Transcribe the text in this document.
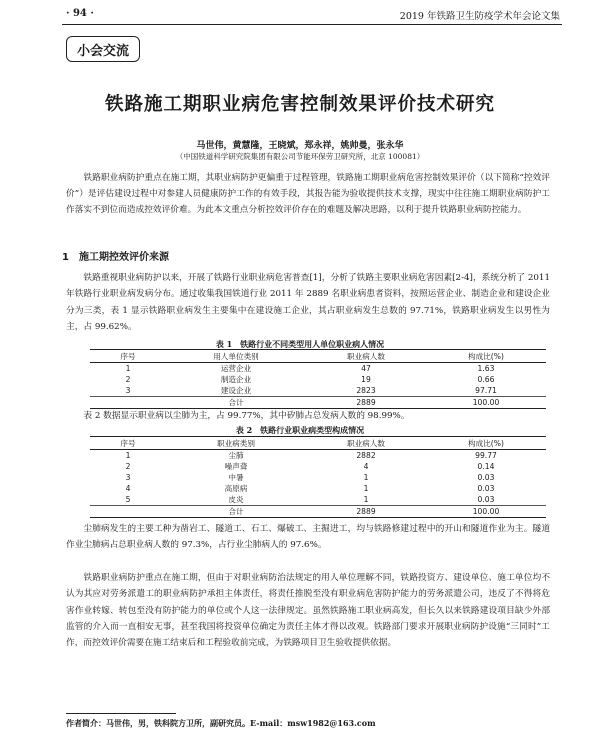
· 94 ·	2019 年铁路卫生防疫学术年会论文集
小会交流
铁路施工期职业病危害控制效果评价技术研究
马世伟，黄慧隆，王晓斌，郑永祥，姚帅曼，张永华
（中国铁道科学研究院集团有限公司节能环保劳卫研究所，北京 100081）
铁路职业病防护重点在施工期，其职业病防护更偏重于过程管理，铁路施工期职业病危害控制效果评价（以下简称“控效评价”）是评估建设过程中对参建人员健康防护工作的有效手段，其报告能为验收提供技术支撑，现实中往往施工期职业病防护工作落实不到位而造成控效评价难。为此本文重点分析控效评价存在的难题及解决思路，以利于提升铁路职业病防控能力。
1 施工期控效评价来源
铁路重视职业病防护以来，开展了铁路行业职业病危害普查[1]，分析了铁路主要职业病危害因素[2-4]，系统分析了 2011 年铁路行业职业病发病分布。通过收集我国铁道行业 2011 年 2889 名职业病患者资料，按照运营企业、制造企业和建设企业分为三类，表 1 显示铁路职业病发生主要集中在建设施工企业，其占职业病发生总数的 97.71%，铁路职业病发生以男性为主，占 99.62%。
表 1　铁路行业不同类型用人单位职业病人情况
序号	用人单位类别	职业病人数	构成比(%)
1	运营企业	47	1.63
2	制造企业	19	0.66
3	建设企业	2823	97.71
	合计	2889	100.00
表 2 数据显示职业病以尘肺为主，占 99.77%，其中矽肺占总发病人数的 98.99%。
表 2　铁路行业职业病类型构成情况
序号	职业病类别	职业病人数	构成比(%)
1	尘肺	2882	99.77
2	噪声聋	4	0.14
3	中暑	1	0.03
4	高原病	1	0.03
5	皮炎	1	0.03
	合计	2889	100.00
尘肺病发生的主要工种为凿岩工、隧道工、石工、爆破工、主掘进工，均与铁路修建过程中的开山和隧道作业为主。隧道作业尘肺病占总职业病人数的 97.3%，占行业尘肺病人的 97.6%。
铁路职业病防护重点在施工期，但由于对职业病防治法规定的用人单位理解不同，铁路投资方、建设单位、施工单位均不认为其应对劳务派遣工的职业病防护承担主体责任，将责任推脱至没有职业病危害防护能力的劳务派遣公司，违反了不得将危害作业转嫁、转包至没有防护能力的单位或个人这一法律规定。虽然铁路施工职业病高发，但长久以来铁路建设项目缺少外部监管的介入而一直相安无事，甚至我国将投资单位确定为责任主体才得以改观。铁路部门要求开展职业病防护设施“三同时”工作，而控效评价需要在施工结束后和工程验收前完成，为铁路项目卫生验收提供依据。
作者简介：马世伟，男，铁科院方卫所，副研究员。E-mail：msw1982@163.com
